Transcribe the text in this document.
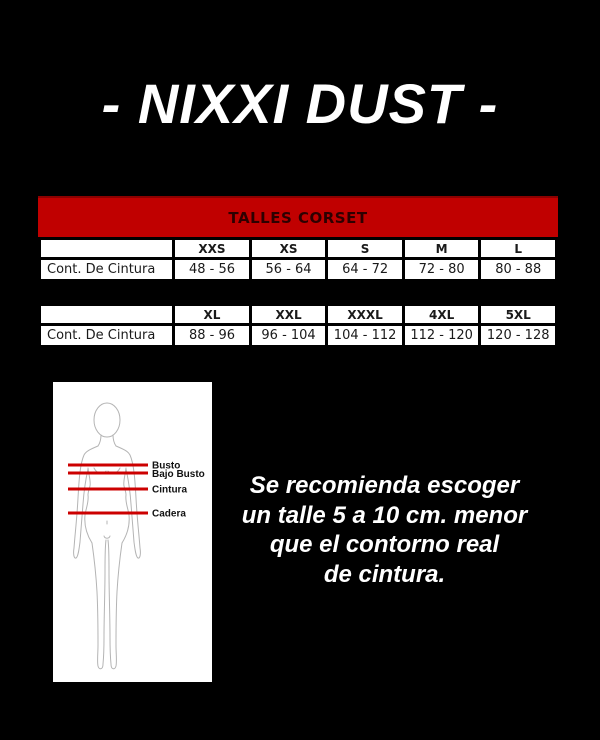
- NIXXI DUST -
TALLES CORSET
	XXS	XS	S	M	L
Cont. De Cintura	48 - 56	56 - 64	64 - 72	72 - 80	80 - 88
	XL	XXL	XXXL	4XL	5XL
Cont. De Cintura	88 - 96	96 - 104	104 - 112	112 - 120	120 - 128
Busto
Bajo Busto
Cintura
Cadera
Se recomienda escoger
un talle 5 a 10 cm. menor
que el contorno real
de cintura.
